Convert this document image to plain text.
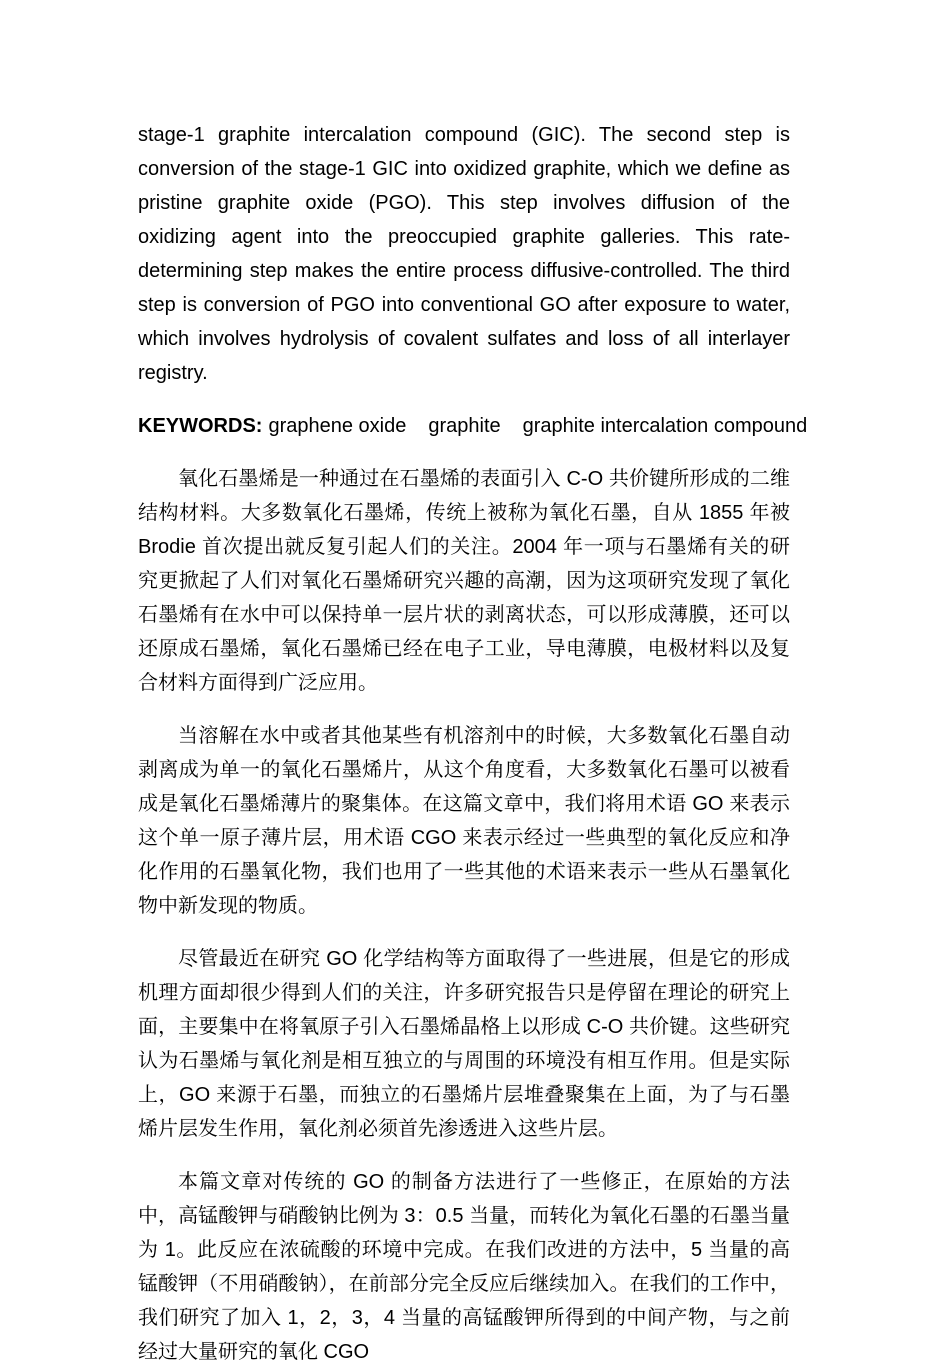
stage-1 graphite intercalation compound (GIC). The second step is conversion of the stage-1 GIC into oxidized graphite, which we define as pristine graphite oxide (PGO). This step involves diffusion of the oxidizing agent into the preoccupied graphite galleries. This rate-determining step makes the entire process diffusive-controlled. The third step is conversion of PGO into conventional GO after exposure to water, which involves hydrolysis of covalent sulfates and loss of all interlayer registry.

KEYWORDS: graphene oxide graphite graphite intercalation compound

氧化石墨烯是一种通过在石墨烯的表面引入 C-O 共价键所形成的二维结构材料。大多数氧化石墨烯，传统上被称为氧化石墨，自从 1855 年被 Brodie 首次提出就反复引起人们的关注。2004 年一项与石墨烯有关的研究更掀起了人们对氧化石墨烯研究兴趣的高潮，因为这项研究发现了氧化石墨烯有在水中可以保持单一层片状的剥离状态，可以形成薄膜，还可以还原成石墨烯，氧化石墨烯已经在电子工业，导电薄膜，电极材料以及复合材料方面得到广泛应用。

当溶解在水中或者其他某些有机溶剂中的时候，大多数氧化石墨自动剥离成为单一的氧化石墨烯片，从这个角度看，大多数氧化石墨可以被看成是氧化石墨烯薄片的聚集体。在这篇文章中，我们将用术语 GO 来表示这个单一原子薄片层，用术语 CGO 来表示经过一些典型的氧化反应和净化作用的石墨氧化物，我们也用了一些其他的术语来表示一些从石墨氧化物中新发现的物质。

尽管最近在研究 GO 化学结构等方面取得了一些进展，但是它的形成机理方面却很少得到人们的关注，许多研究报告只是停留在理论的研究上面，主要集中在将氧原子引入石墨烯晶格上以形成 C-O 共价键。这些研究认为石墨烯与氧化剂是相互独立的与周围的环境没有相互作用。但是实际上，GO 来源于石墨，而独立的石墨烯片层堆叠聚集在上面，为了与石墨烯片层发生作用，氧化剂必须首先渗透进入这些片层。

本篇文章对传统的 GO 的制备方法进行了一些修正，在原始的方法中，高锰酸钾与硝酸钠比例为 3：0.5 当量，而转化为氧化石墨的石墨当量为 1。此反应在浓硫酸的环境中完成。在我们改进的方法中，5 当量的高锰酸钾（不用硝酸钠），在前部分完全反应后继续加入。在我们的工作中，我们研究了加入 1，2，3，4 当量的高锰酸钾所得到的中间产物，与之前经过大量研究的氧化 CGO
